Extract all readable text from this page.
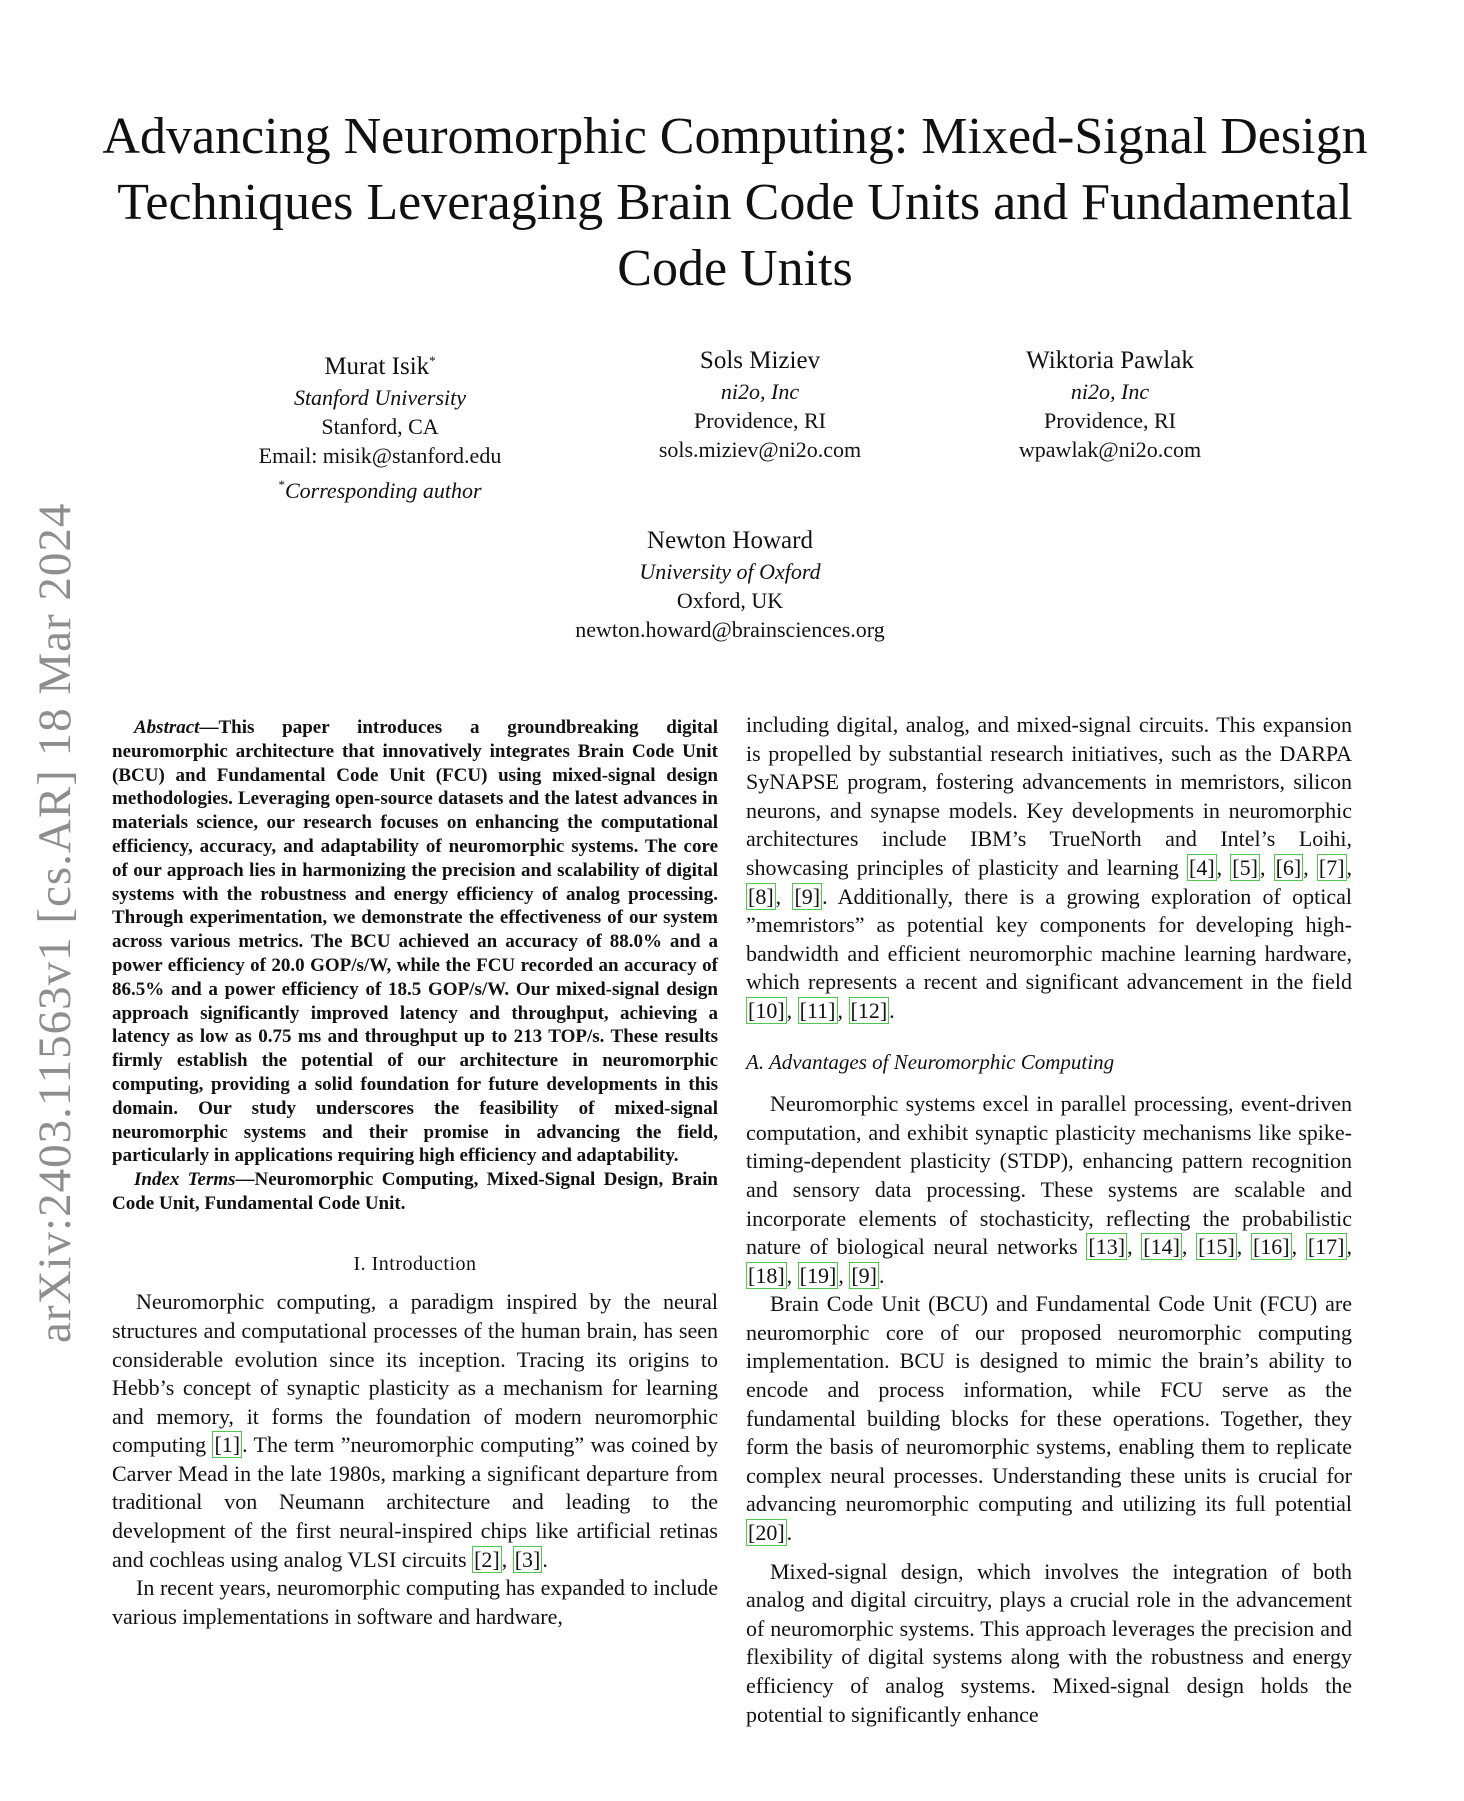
arXiv:2403.11563v1 [cs.AR] 18 Mar 2024
Advancing Neuromorphic Computing: Mixed-Signal Design Techniques Leveraging Brain Code Units and Fundamental Code Units
Murat Isik*
Stanford University
Stanford, CA
Email: misik@stanford.edu
*Corresponding author
Sols Miziev
ni2o, Inc
Providence, RI
sols.miziev@ni2o.com
Wiktoria Pawlak
ni2o, Inc
Providence, RI
wpawlak@ni2o.com
Newton Howard
University of Oxford
Oxford, UK
newton.howard@brainsciences.org

Abstract—This paper introduces a groundbreaking digital neuromorphic architecture that innovatively integrates Brain Code Unit (BCU) and Fundamental Code Unit (FCU) using mixed-signal design methodologies. Leveraging open-source datasets and the latest advances in materials science, our research focuses on enhancing the computational efficiency, accuracy, and adaptability of neuromorphic systems. The core of our approach lies in harmonizing the precision and scalability of digital systems with the robustness and energy efficiency of analog processing. Through experimentation, we demonstrate the effectiveness of our system across various metrics. The BCU achieved an accuracy of 88.0% and a power efficiency of 20.0 GOP/s/W, while the FCU recorded an accuracy of 86.5% and a power efficiency of 18.5 GOP/s/W. Our mixed-signal design approach significantly improved latency and throughput, achieving a latency as low as 0.75 ms and throughput up to 213 TOP/s. These results firmly establish the potential of our architecture in neuromorphic computing, providing a solid foundation for future developments in this domain. Our study underscores the feasibility of mixed-signal neuromorphic systems and their promise in advancing the field, particularly in applications requiring high efficiency and adaptability.

Index Terms—Neuromorphic Computing, Mixed-Signal Design, Brain Code Unit, Fundamental Code Unit.

I. Introduction

Neuromorphic computing, a paradigm inspired by the neural structures and computational processes of the human brain, has seen considerable evolution since its inception. Tracing its origins to Hebb’s concept of synaptic plasticity as a mechanism for learning and memory, it forms the foundation of modern neuromorphic computing [1]. The term ”neuromorphic computing” was coined by Carver Mead in the late 1980s, marking a significant departure from traditional von Neumann architecture and leading to the development of the first neural-inspired chips like artificial retinas and cochleas using analog VLSI circuits [2], [3].

In recent years, neuromorphic computing has expanded to include various implementations in software and hardware,

including digital, analog, and mixed-signal circuits. This expansion is propelled by substantial research initiatives, such as the DARPA SyNAPSE program, fostering advancements in memristors, silicon neurons, and synapse models. Key developments in neuromorphic architectures include IBM’s TrueNorth and Intel’s Loihi, showcasing principles of plasticity and learning [4], [5], [6], [7], [8], [9]. Additionally, there is a growing exploration of optical ”memristors” as potential key components for developing high-bandwidth and efficient neuromorphic machine learning hardware, which represents a recent and significant advancement in the field [10], [11], [12].

A. Advantages of Neuromorphic Computing

Neuromorphic systems excel in parallel processing, event-driven computation, and exhibit synaptic plasticity mechanisms like spike-timing-dependent plasticity (STDP), enhancing pattern recognition and sensory data processing. These systems are scalable and incorporate elements of stochasticity, reflecting the probabilistic nature of biological neural networks [13], [14], [15], [16], [17], [18], [19], [9].

Brain Code Unit (BCU) and Fundamental Code Unit (FCU) are neuromorphic core of our proposed neuromorphic computing implementation. BCU is designed to mimic the brain’s ability to encode and process information, while FCU serve as the fundamental building blocks for these operations. Together, they form the basis of neuromorphic systems, enabling them to replicate complex neural processes. Understanding these units is crucial for advancing neuromorphic computing and utilizing its full potential [20].

Mixed-signal design, which involves the integration of both analog and digital circuitry, plays a crucial role in the advancement of neuromorphic systems. This approach leverages the precision and flexibility of digital systems along with the robustness and energy efficiency of analog systems. Mixed-signal design holds the potential to significantly enhance
